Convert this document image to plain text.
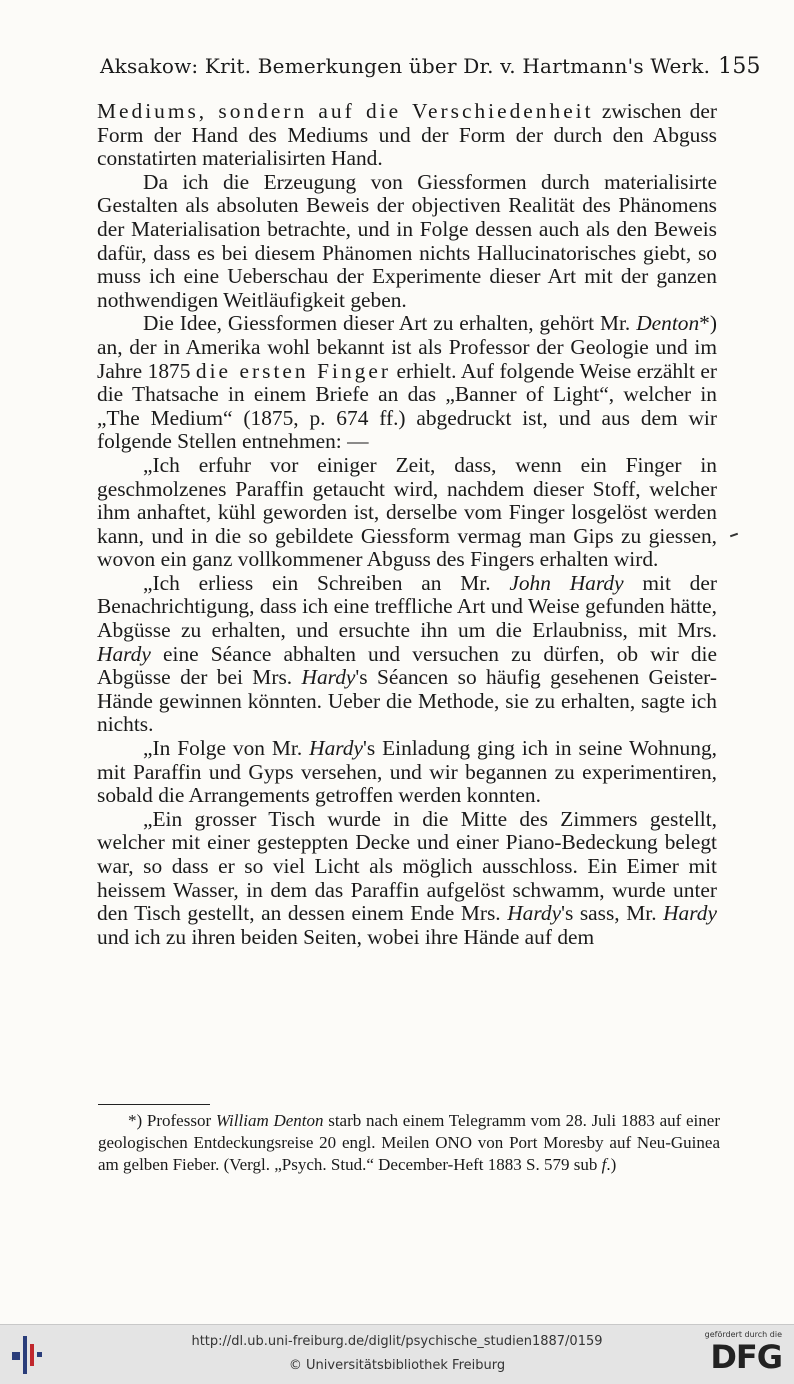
Aksakow: Krit. Bemerkungen über Dr. v. Hartmann's Werk. 155

Mediums, sondern auf die Verschiedenheit zwischen der Form der Hand des Mediums und der Form der durch den Abguss constatirten materialisirten Hand.

Da ich die Erzeugung von Giessformen durch materialisirte Gestalten als absoluten Beweis der objectiven Realität des Phänomens der Materialisation betrachte, und in Folge dessen auch als den Beweis dafür, dass es bei diesem Phänomen nichts Hallucinatorisches giebt, so muss ich eine Ueberschau der Experimente dieser Art mit der ganzen nothwendigen Weitläufigkeit geben.

Die Idee, Giessformen dieser Art zu erhalten, gehört Mr. Denton*) an, der in Amerika wohl bekannt ist als Professor der Geologie und im Jahre 1875 die ersten Finger erhielt. Auf folgende Weise erzählt er die Thatsache in einem Briefe an das „Banner of Light“, welcher in „The Medium“ (1875, p. 674 ff.) abgedruckt ist, und aus dem wir folgende Stellen entnehmen: —

„Ich erfuhr vor einiger Zeit, dass, wenn ein Finger in geschmolzenes Paraffin getaucht wird, nachdem dieser Stoff, welcher ihm anhaftet, kühl geworden ist, derselbe vom Finger losgelöst werden kann, und in die so gebildete Giessform vermag man Gips zu giessen, wovon ein ganz vollkommener Abguss des Fingers erhalten wird.

„Ich erliess ein Schreiben an Mr. John Hardy mit der Benachrichtigung, dass ich eine treffliche Art und Weise gefunden hätte, Abgüsse zu erhalten, und ersuchte ihn um die Erlaubniss, mit Mrs. Hardy eine Séance abhalten und versuchen zu dürfen, ob wir die Abgüsse der bei Mrs. Hardy's Séancen so häufig gesehenen Geister-Hände gewinnen könnten. Ueber die Methode, sie zu erhalten, sagte ich nichts.

„In Folge von Mr. Hardy's Einladung ging ich in seine Wohnung, mit Paraffin und Gyps versehen, und wir begannen zu experimentiren, sobald die Arrangements getroffen werden konnten.

„Ein grosser Tisch wurde in die Mitte des Zimmers gestellt, welcher mit einer gesteppten Decke und einer Piano-Bedeckung belegt war, so dass er so viel Licht als möglich ausschloss. Ein Eimer mit heissem Wasser, in dem das Paraffin aufgelöst schwamm, wurde unter den Tisch gestellt, an dessen einem Ende Mrs. Hardy's sass, Mr. Hardy und ich zu ihren beiden Seiten, wobei ihre Hände auf dem

*) Professor William Denton starb nach einem Telegramm vom 28. Juli 1883 auf einer geologischen Entdeckungsreise 20 engl. Meilen ONO von Port Moresby auf Neu-Guinea am gelben Fieber. (Vergl. „Psych. Stud.“ December-Heft 1883 S. 579 sub f.)

http://dl.ub.uni-freiburg.de/diglit/psychische_studien1887/0159
© Universitätsbibliothek Freiburg
gefördert durch die
DFG
